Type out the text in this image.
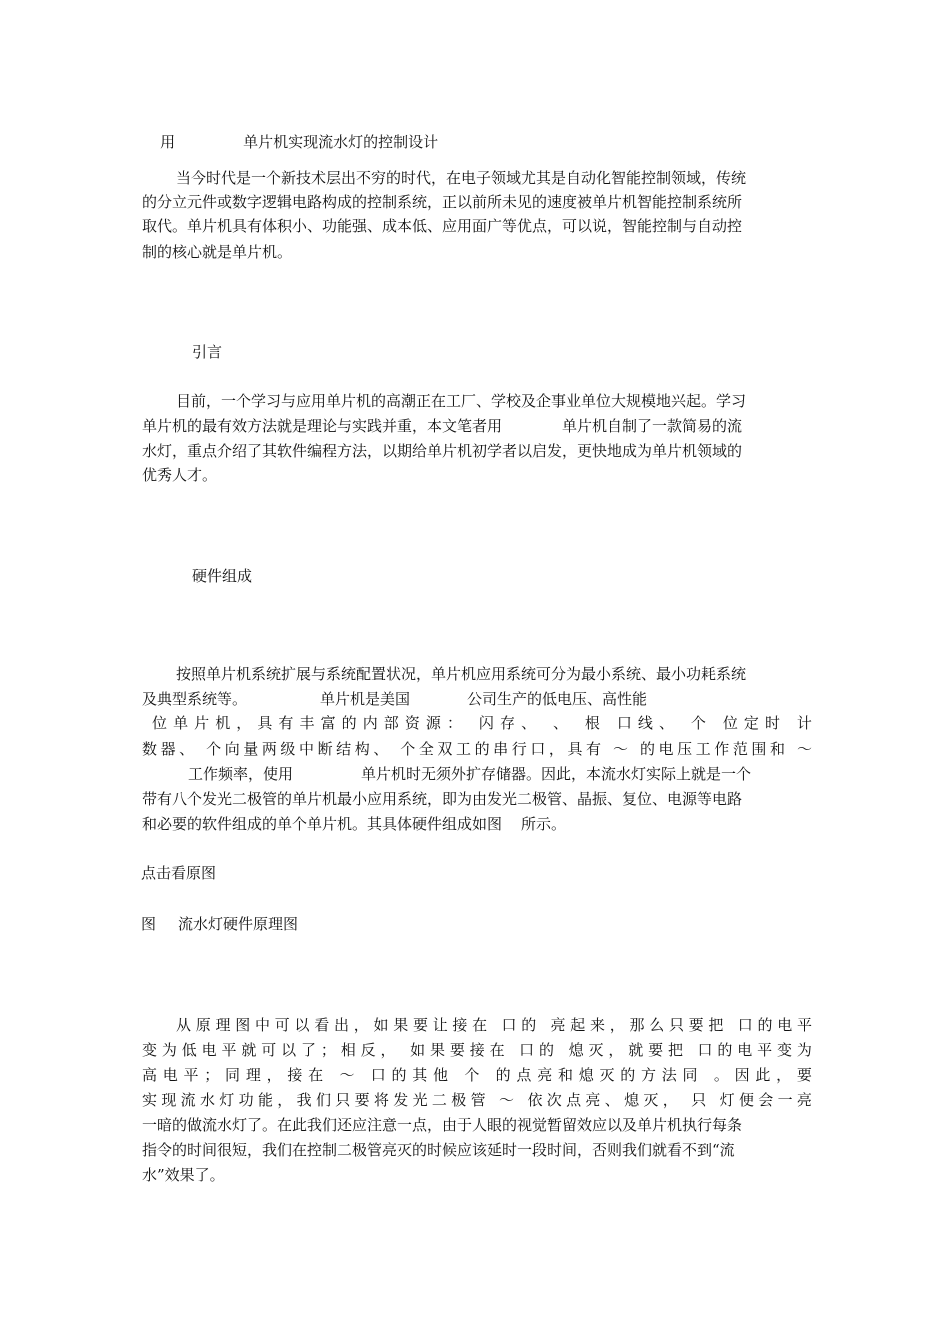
用	单片机实现流水灯的控制设计

当今时代是一个新技术层出不穷的时代，在电子领域尤其是自动化智能控制领域，传统
的分立元件或数字逻辑电路构成的控制系统，正以前所未见的速度被单片机智能控制系统所
取代。单片机具有体积小、功能强、成本低、应用面广等优点，可以说，智能控制与自动控
制的核心就是单片机。
引言
目前，一个学习与应用单片机的高潮正在工厂、学校及企事业单位大规模地兴起。学习
单片机的最有效方法就是理论与实践并重，本文笔者用	单片机自制了一款简易的流
水灯，重点介绍了其软件编程方法，以期给单片机初学者以启发，更快地成为单片机领域的
优秀人才。
硬件组成
按照单片机系统扩展与系统配置状况，单片机应用系统可分为最小系统、最小功耗系统
及典型系统等。	单片机是美国	公司生产的低电压、高性能
位单片机，具有丰富的内部资源： 闪存、 、 根 口线、 个 位定时 计
数器、 个向量两级中断结构、 个全双工的串行口，具有 ～ 的电压工作范围和 ～
工作频率，使用	单片机时无须外扩存储器。因此，本流水灯实际上就是一个
带有八个发光二极管的单片机最小应用系统，即为由发光二极管、晶振、复位、电源等电路
和必要的软件组成的单个单片机。其具体硬件组成如图 所示。
点击看原图
图 流水灯硬件原理图
从原理图中可以看出，如果要让接在 口的 亮起来，那么只要把 口的电平
变为低电平就可以了；相反， 如果要接在 口的 熄灭，就要把 口的电平变为
高电平；同理，接在 ～ 口的其他 个 的点亮和熄灭的方法同 。因此，要
实现流水灯功能，我们只要将发光二极管 ～ 依次点亮、熄灭， 只 灯便会一亮
一暗的做流水灯了。在此我们还应注意一点，由于人眼的视觉暂留效应以及单片机执行每条
指令的时间很短，我们在控制二极管亮灭的时候应该延时一段时间，否则我们就看不到“流
水”效果了。
